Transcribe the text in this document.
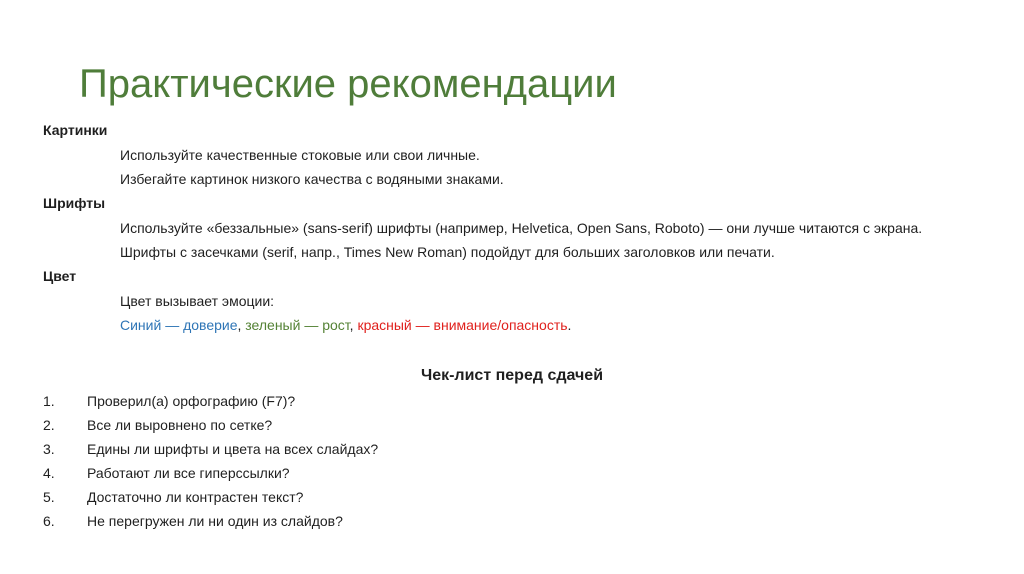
Практические рекомендации
Картинки
Используйте качественные стоковые или свои личные.
Избегайте картинок низкого качества с водяными знаками.
Шрифты
Используйте «беззальные» (sans-serif) шрифты (например, Helvetica, Open Sans, Roboto) — они лучше читаются с экрана.
Шрифты с засечками (serif, напр., Times New Roman) подойдут для больших заголовков или печати.
Цвет
Цвет вызывает эмоции:
Синий — доверие, зеленый — рост, красный — внимание/опасность.
Чек-лист перед сдачей
1. Проверил(а) орфографию (F7)?
2. Все ли выровнено по сетке?
3. Едины ли шрифты и цвета на всех слайдах?
4. Работают ли все гиперссылки?
5. Достаточно ли контрастен текст?
6. Не перегружен ли ни один из слайдов?
